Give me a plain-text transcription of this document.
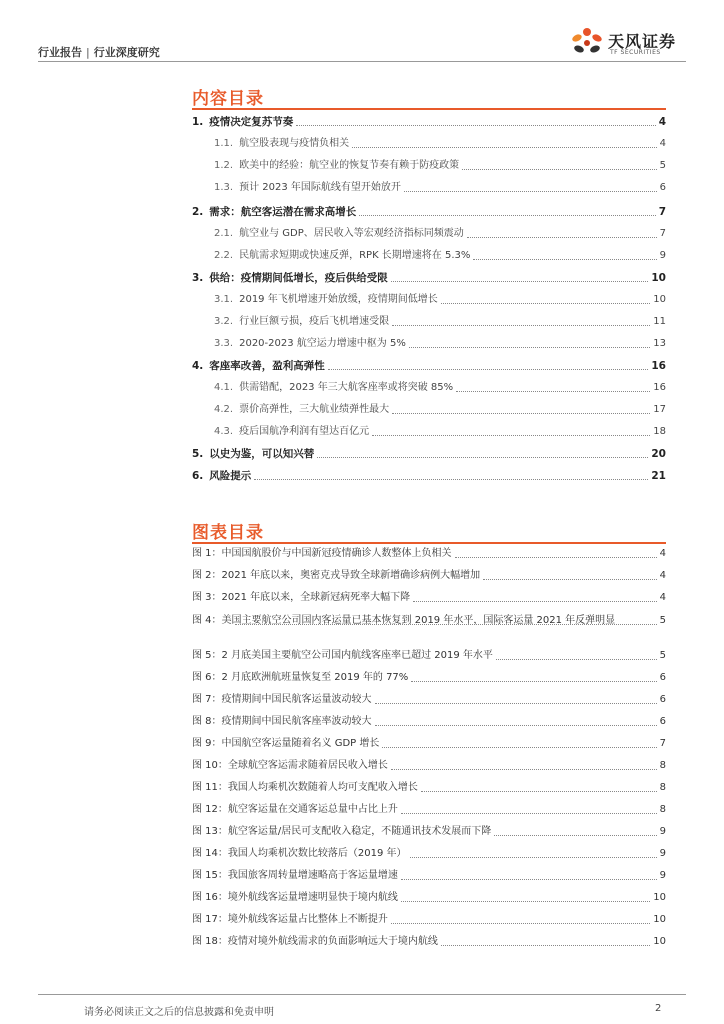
行业报告 | 行业深度研究
天风证券
TF SECURITIES
内容目录
1. 疫情决定复苏节奏	4
1.1. 航空股表现与疫情负相关	4
1.2. 欧美中的经验：航空业的恢复节奏有赖于防疫政策	5
1.3. 预计 2023 年国际航线有望开始放开	6
2. 需求：航空客运潜在需求高增长	7
2.1. 航空业与 GDP、居民收入等宏观经济指标同频震动	7
2.2. 民航需求短期或快速反弹，RPK 长期增速将在 5.3%	9
3. 供给：疫情期间低增长，疫后供给受限	10
3.1. 2019 年飞机增速开始放缓，疫情期间低增长	10
3.2. 行业巨额亏损，疫后飞机增速受限	11
3.3. 2020-2023 航空运力增速中枢为 5%	13
4. 客座率改善，盈利高弹性	16
4.1. 供需错配，2023 年三大航客座率或将突破 85%	16
4.2. 票价高弹性，三大航业绩弹性最大	17
4.3. 疫后国航净利润有望达百亿元	18
5. 以史为鉴，可以知兴替	20
6. 风险提示	21
图表目录
图 1：中国国航股价与中国新冠疫情确诊人数整体上负相关	4
图 2：2021 年底以来，奥密克戎导致全球新增确诊病例大幅增加	4
图 3：2021 年底以来，全球新冠病死率大幅下降	4
图 4：美国主要航空公司国内客运量已基本恢复到 2019 年水平，国际客运量 2021 年反弹明显	5
图 5：2 月底美国主要航空公司国内航线客座率已超过 2019 年水平	5
图 6：2 月底欧洲航班量恢复至 2019 年的 77%	6
图 7：疫情期间中国民航客运量波动较大	6
图 8：疫情期间中国民航客座率波动较大	6
图 9：中国航空客运量随着名义 GDP 增长	7
图 10：全球航空客运需求随着居民收入增长	8
图 11：我国人均乘机次数随着人均可支配收入增长	8
图 12：航空客运量在交通客运总量中占比上升	8
图 13：航空客运量/居民可支配收入稳定，不随通讯技术发展而下降	9
图 14：我国人均乘机次数比较落后（2019 年）	9
图 15：我国旅客周转量增速略高于客运量增速	9
图 16：境外航线客运量增速明显快于境内航线	10
图 17：境外航线客运量占比整体上不断提升	10
图 18：疫情对境外航线需求的负面影响远大于境内航线	10
请务必阅读正文之后的信息披露和免责申明	2
